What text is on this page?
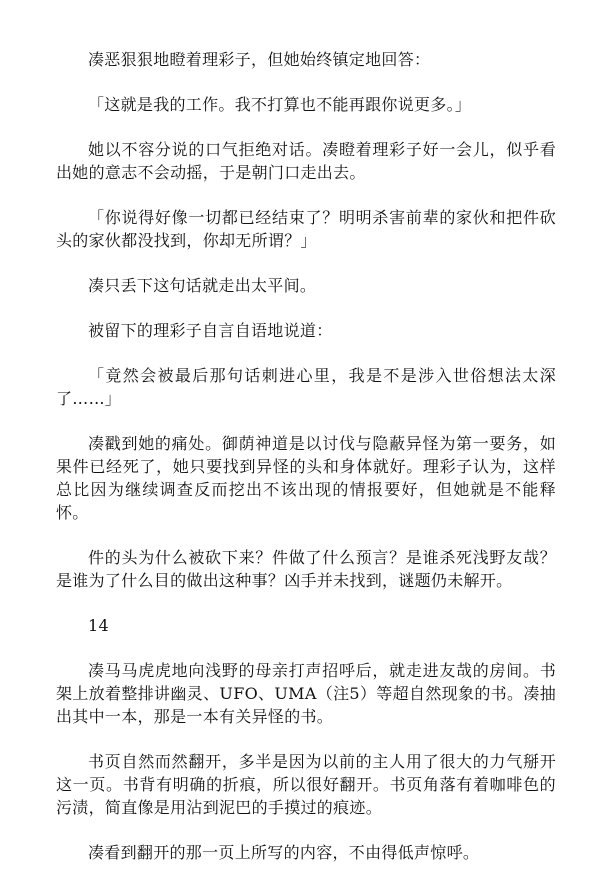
凑恶狠狠地瞪着理彩子，但她始终镇定地回答：

「这就是我的工作。我不打算也不能再跟你说更多。」

她以不容分说的口气拒绝对话。凑瞪着理彩子好一会儿，似乎看出她的意志不会动摇，于是朝门口走出去。

「你说得好像一切都已经结束了？明明杀害前辈的家伙和把件砍头的家伙都没找到，你却无所谓？」

凑只丢下这句话就走出太平间。

被留下的理彩子自言自语地说道：

「竟然会被最后那句话刺进心里，我是不是涉入世俗想法太深了……」

凑戳到她的痛处。御荫神道是以讨伐与隐蔽异怪为第一要务，如果件已经死了，她只要找到异怪的头和身体就好。理彩子认为，这样总比因为继续调查反而挖出不该出现的情报要好，但她就是不能释怀。

件的头为什么被砍下来？件做了什么预言？是谁杀死浅野友哉？是谁为了什么目的做出这种事？凶手并未找到，谜题仍未解开。

14

凑马马虎虎地向浅野的母亲打声招呼后，就走进友哉的房间。书架上放着整排讲幽灵、UFO、UMA（注5）等超自然现象的书。凑抽出其中一本，那是一本有关异怪的书。

书页自然而然翻开，多半是因为以前的主人用了很大的力气掰开这一页。书背有明确的折痕，所以很好翻开。书页角落有着咖啡色的污渍，简直像是用沾到泥巴的手摸过的痕迹。

凑看到翻开的那一页上所写的内容，不由得低声惊呼。
